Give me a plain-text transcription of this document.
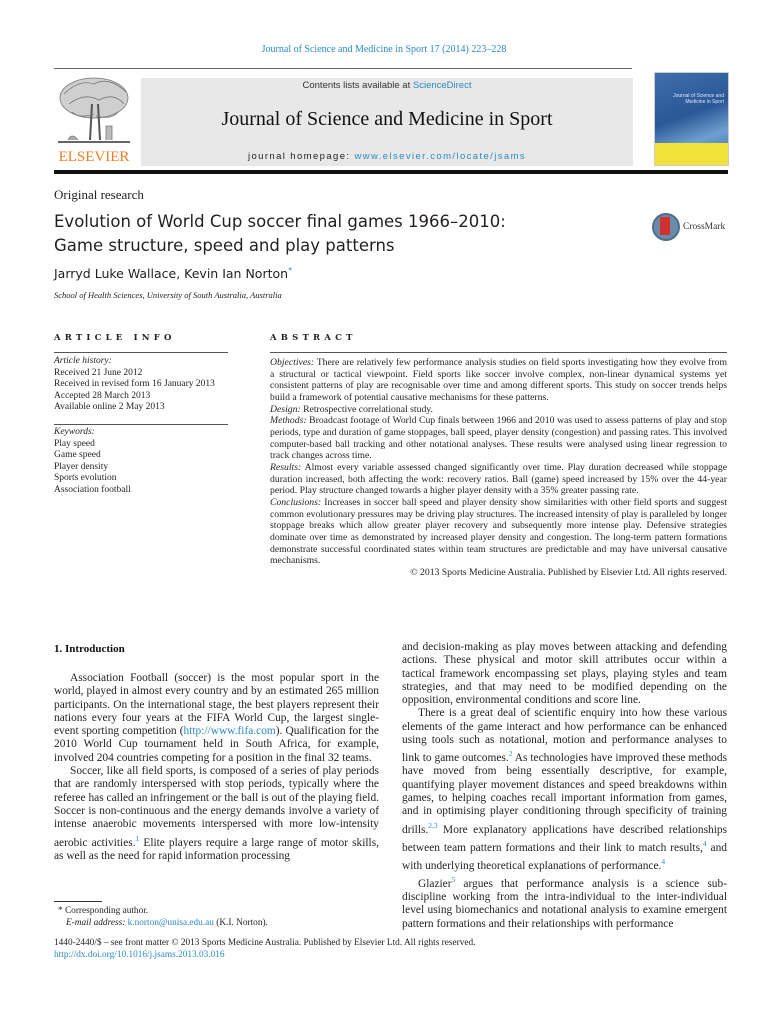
Journal of Science and Medicine in Sport 17 (2014) 223–228
ELSEVIER
Contents lists available at ScienceDirect
Journal of Science and Medicine in Sport
journal homepage: www.elsevier.com/locate/jsams
Journal of Science and Medicine in Sport
Original research
Evolution of World Cup soccer final games 1966–2010:
Game structure, speed and play patterns
CrossMark
Jarryd Luke Wallace, Kevin Ian Norton*
School of Health Sciences, University of South Australia, Australia
ARTICLE INFO	ABSTRACT
Article history:
Received 21 June 2012
Received in revised form 16 January 2013
Accepted 28 March 2013
Available online 2 May 2013
Keywords:
Play speed
Game speed
Player density
Sports evolution
Association football

Objectives: There are relatively few performance analysis studies on field sports investigating how they evolve from a structural or tactical viewpoint. Field sports like soccer involve complex, non-linear dynamical systems yet consistent patterns of play are recognisable over time and among different sports. This study on soccer trends helps build a framework of potential causative mechanisms for these patterns.

Design: Retrospective correlational study.

Methods: Broadcast footage of World Cup finals between 1966 and 2010 was used to assess patterns of play and stop periods, type and duration of game stoppages, ball speed, player density (congestion) and passing rates. This involved computer-based ball tracking and other notational analyses. These results were analysed using linear regression to track changes across time.

Results: Almost every variable assessed changed significantly over time. Play duration decreased while stoppage duration increased, both affecting the work: recovery ratios. Ball (game) speed increased by 15% over the 44-year period. Play structure changed towards a higher player density with a 35% greater passing rate.

Conclusions: Increases in soccer ball speed and player density show similarities with other field sports and suggest common evolutionary pressures may be driving play structures. The increased intensity of play is paralleled by longer stoppage breaks which allow greater player recovery and subsequently more intense play. Defensive strategies dominate over time as demonstrated by increased player density and congestion. The long-term pattern formations demonstrate successful coordinated states within team structures are predictable and may have universal causative mechanisms.

© 2013 Sports Medicine Australia. Published by Elsevier Ltd. All rights reserved.

1. Introduction

Association Football (soccer) is the most popular sport in the world, played in almost every country and by an estimated 265 million participants. On the international stage, the best players represent their nations every four years at the FIFA World Cup, the largest single-event sporting competition (http://www.fifa.com). Qualification for the 2010 World Cup tournament held in South Africa, for example, involved 204 countries competing for a position in the final 32 teams.

Soccer, like all field sports, is composed of a series of play periods that are randomly interspersed with stop periods, typically where the referee has called an infringement or the ball is out of the playing field. Soccer is non-continuous and the energy demands involve a variety of intense anaerobic movements interspersed with more low-intensity aerobic activities.$^1$ Elite players require a large range of motor skills, as well as the need for rapid information processing

and decision-making as play moves between attacking and defending actions. These physical and motor skill attributes occur within a tactical framework encompassing set plays, playing styles and team strategies, and that may need to be modified depending on the opposition, environmental conditions and score line.

There is a great deal of scientific enquiry into how these various elements of the game interact and how performance can be enhanced using tools such as notational, motion and performance analyses to link to game outcomes.$^2$ As technologies have improved these methods have moved from being essentially descriptive, for example, quantifying player movement distances and speed breakdowns within games, to helping coaches recall important information from games, and in optimising player conditioning through specificity of training drills.$^{2,3}$ More explanatory applications have described relationships between team pattern formations and their link to match results,$^4$ and with underlying theoretical explanations of performance.$^4$

Glazier$^5$ argues that performance analysis is a science sub-discipline working from the intra-individual to the inter-individual level using biomechanics and notational analysis to examine emergent pattern formations and their relationships with performance

* Corresponding author.
E-mail address: k.norton@unisa.edu.au (K.I. Norton).
1440-2440/$ – see front matter © 2013 Sports Medicine Australia. Published by Elsevier Ltd. All rights reserved.
http://dx.doi.org/10.1016/j.jsams.2013.03.016
